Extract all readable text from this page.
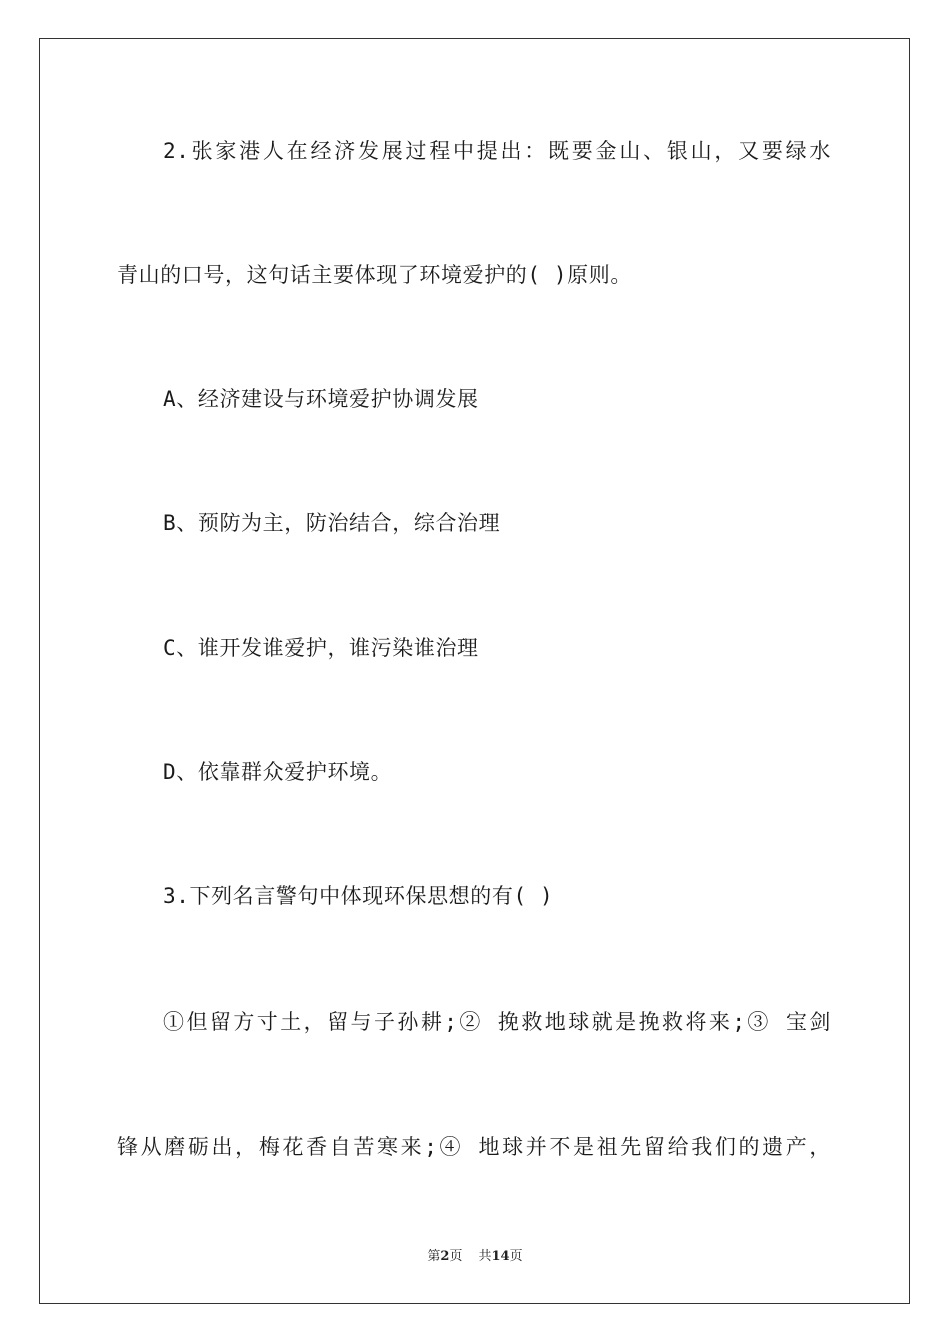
2.张家港人在经济发展过程中提出：既要金山、银山，又要绿水
青山的口号，这句话主要体现了环境爱护的( )原则。
A、经济建设与环境爱护协调发展
B、预防为主，防治结合，综合治理
C、谁开发谁爱护，谁污染谁治理
D、依靠群众爱护环境。
3.下列名言警句中体现环保思想的有( )
①但留方寸土，留与子孙耕;② 挽救地球就是挽救将来;③ 宝剑
锋从磨砺出，梅花香自苦寒来;④ 地球并不是祖先留给我们的遗产，
第2页 共14页
